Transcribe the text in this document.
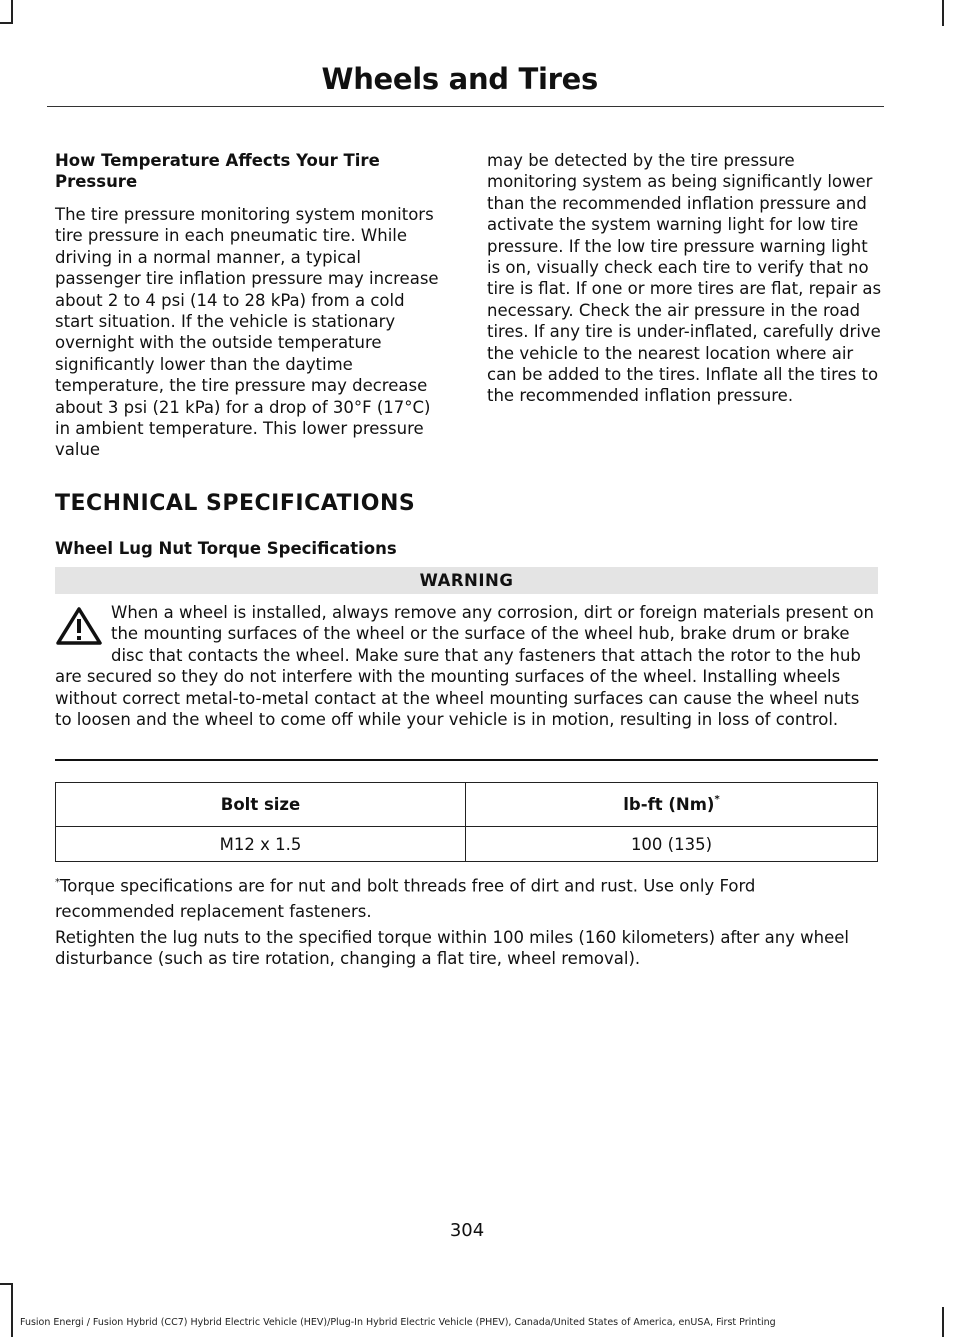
Wheels and Tires
How Temperature Affects Your Tire Pressure

The tire pressure monitoring system monitors tire pressure in each pneumatic tire. While driving in a normal manner, a typical passenger tire inflation pressure may increase about 2 to 4 psi (14 to 28 kPa) from a cold start situation. If the vehicle is stationary overnight with the outside temperature significantly lower than the daytime temperature, the tire pressure may decrease about 3 psi (21 kPa) for a drop of 30°F (17°C) in ambient temperature. This lower pressure value

may be detected by the tire pressure monitoring system as being significantly lower than the recommended inflation pressure and activate the system warning light for low tire pressure. If the low tire pressure warning light is on, visually check each tire to verify that no tire is flat. If one or more tires are flat, repair as necessary. Check the air pressure in the road tires. If any tire is under-inflated, carefully drive the vehicle to the nearest location where air can be added to the tires. Inflate all the tires to the recommended inflation pressure.

TECHNICAL SPECIFICATIONS
Wheel Lug Nut Torque Specifications
WARNING
When a wheel is installed, always remove any corrosion, dirt or foreign materials present on the mounting surfaces of the wheel or the surface of the wheel hub, brake drum or brake disc that contacts the wheel. Make sure that any fasteners that attach the rotor to the hub are secured so they do not interfere with the mounting surfaces of the wheel. Installing wheels without correct metal-to-metal contact at the wheel mounting surfaces can cause the wheel nuts to loosen and the wheel to come off while your vehicle is in motion, resulting in loss of control.
Bolt size	lb-ft (Nm)*
M12 x 1.5	100 (135)
*Torque specifications are for nut and bolt threads free of dirt and rust. Use only Ford recommended replacement fasteners.

Retighten the lug nuts to the specified torque within 100 miles (160 kilometers) after any wheel disturbance (such as tire rotation, changing a flat tire, wheel removal).

304
Fusion Energi / Fusion Hybrid (CC7) Hybrid Electric Vehicle (HEV)/Plug-In Hybrid Electric Vehicle (PHEV), Canada/United States of America, enUSA, First Printing
